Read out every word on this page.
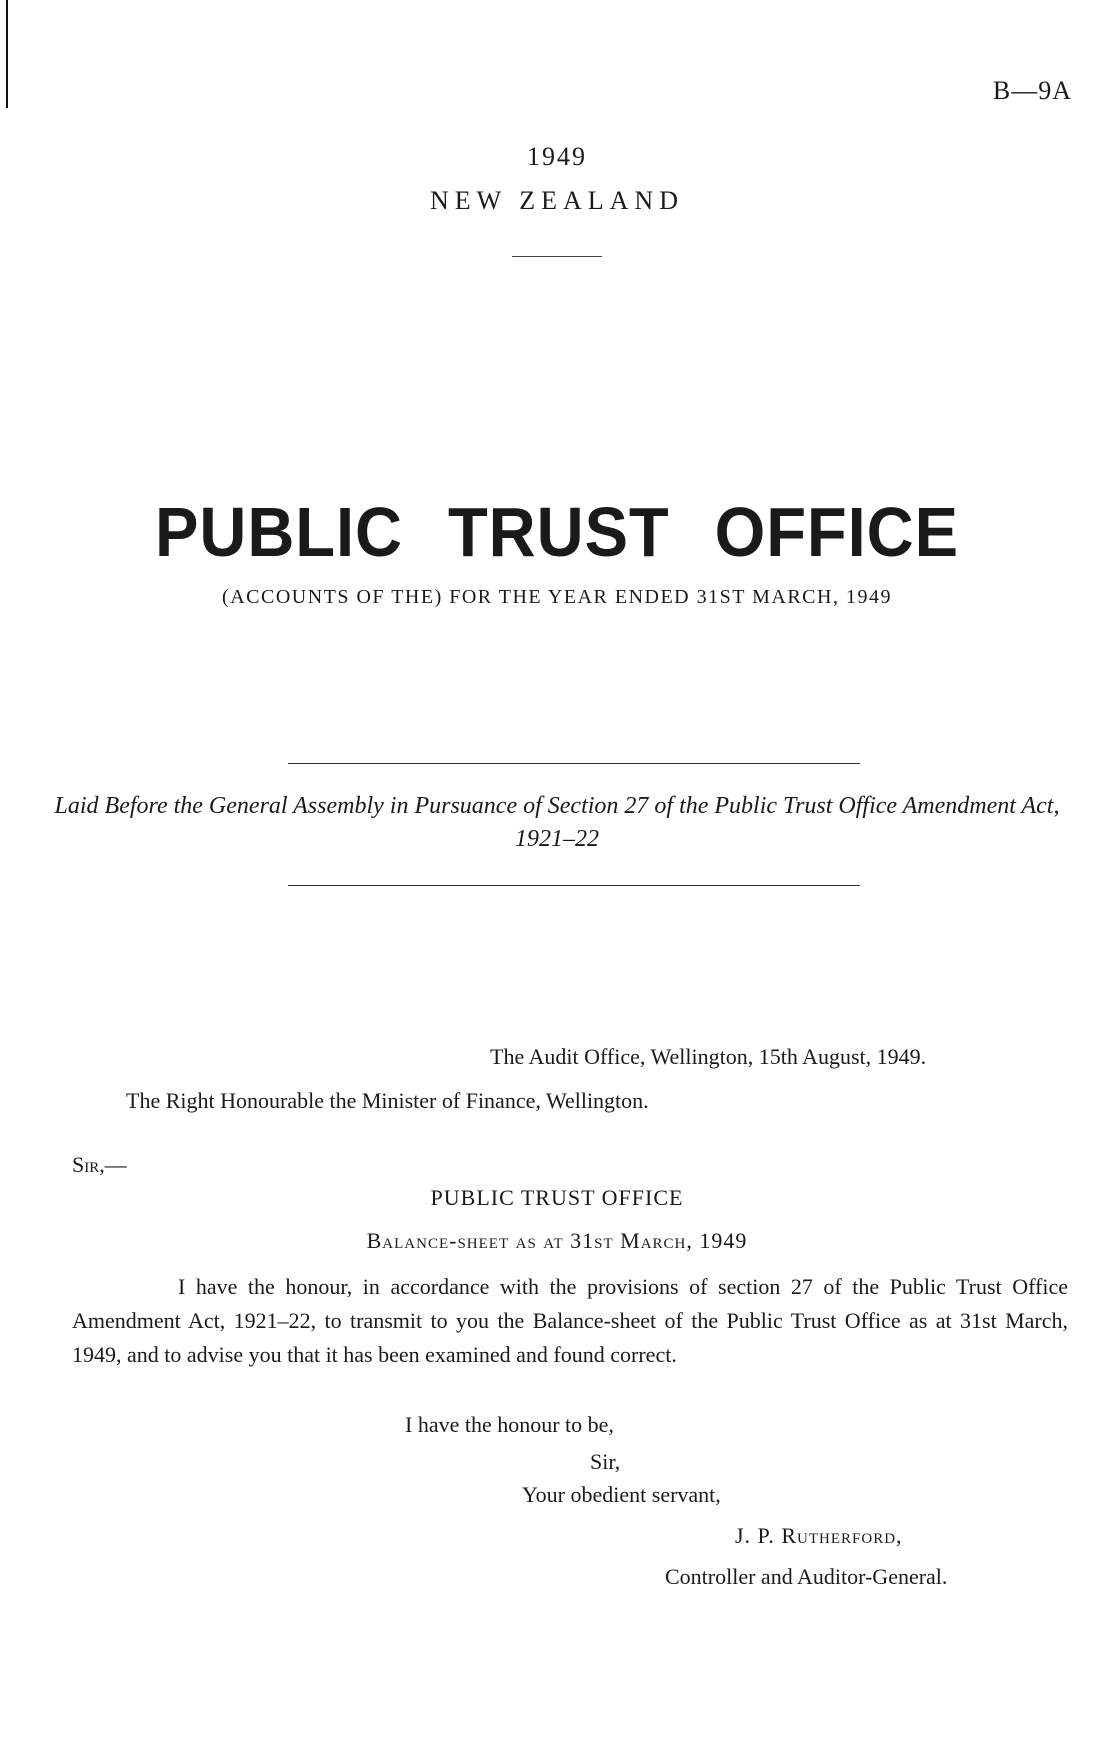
B—9A
1949
NEW ZEALAND
PUBLIC TRUST OFFICE
(ACCOUNTS OF THE) FOR THE YEAR ENDED 31ST MARCH, 1949
Laid Before the General Assembly in Pursuance of Section 27 of the Public Trust Office Amendment Act, 1921–22
The Audit Office, Wellington, 15th August, 1949.
The Right Honourable the Minister of Finance, Wellington.
Sir,—
PUBLIC TRUST OFFICE
Balance-sheet as at 31st March, 1949
I have the honour, in accordance with the provisions of section 27 of the Public Trust Office Amendment Act, 1921–22, to transmit to you the Balance-sheet of the Public Trust Office as at 31st March, 1949, and to advise you that it has been examined and found correct.
I have the honour to be,
Sir,
Your obedient servant,
J. P. Rutherford,
Controller and Auditor-General.
